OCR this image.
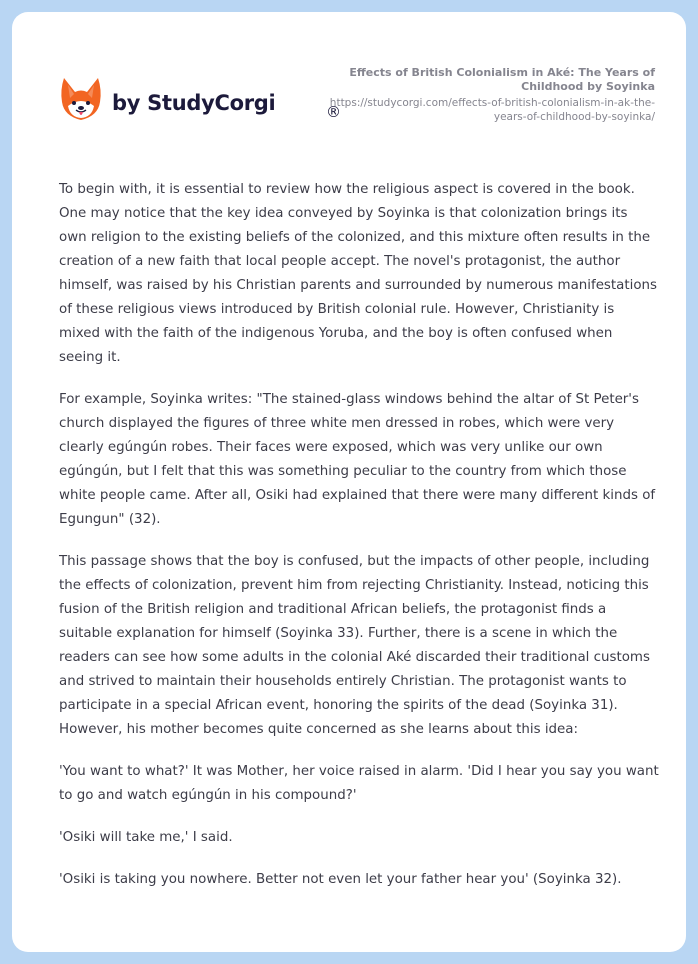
by StudyCorgi	®
Effects of British Colonialism in Aké: The Years of Childhood by Soyinka
https://studycorgi.com/effects-of-british-colonialism-in-ak-the-years-of-childhood-by-soyinka/

To begin with, it is essential to review how the religious aspect is covered in the book. One may notice that the key idea conveyed by Soyinka is that colonization brings its own religion to the existing beliefs of the colonized, and this mixture often results in the creation of a new faith that local people accept. The novel's protagonist, the author himself, was raised by his Christian parents and surrounded by numerous manifestations of these religious views introduced by British colonial rule. However, Christianity is mixed with the faith of the indigenous Yoruba, and the boy is often confused when seeing it.

For example, Soyinka writes: "The stained-glass windows behind the altar of St Peter's church displayed the figures of three white men dressed in robes, which were very clearly egúngún robes. Their faces were exposed, which was very unlike our own egúngún, but I felt that this was something peculiar to the country from which those white people came. After all, Osiki had explained that there were many different kinds of Egungun" (32).

This passage shows that the boy is confused, but the impacts of other people, including the effects of colonization, prevent him from rejecting Christianity. Instead, noticing this fusion of the British religion and traditional African beliefs, the protagonist finds a suitable explanation for himself (Soyinka 33). Further, there is a scene in which the readers can see how some adults in the colonial Aké discarded their traditional customs and strived to maintain their households entirely Christian. The protagonist wants to participate in a special African event, honoring the spirits of the dead (Soyinka 31). However, his mother becomes quite concerned as she learns about this idea:

'You want to what?' It was Mother, her voice raised in alarm. 'Did I hear you say you want to go and watch egúngún in his compound?'

'Osiki will take me,' I said.

'Osiki is taking you nowhere. Better not even let your father hear you' (Soyinka 32).
